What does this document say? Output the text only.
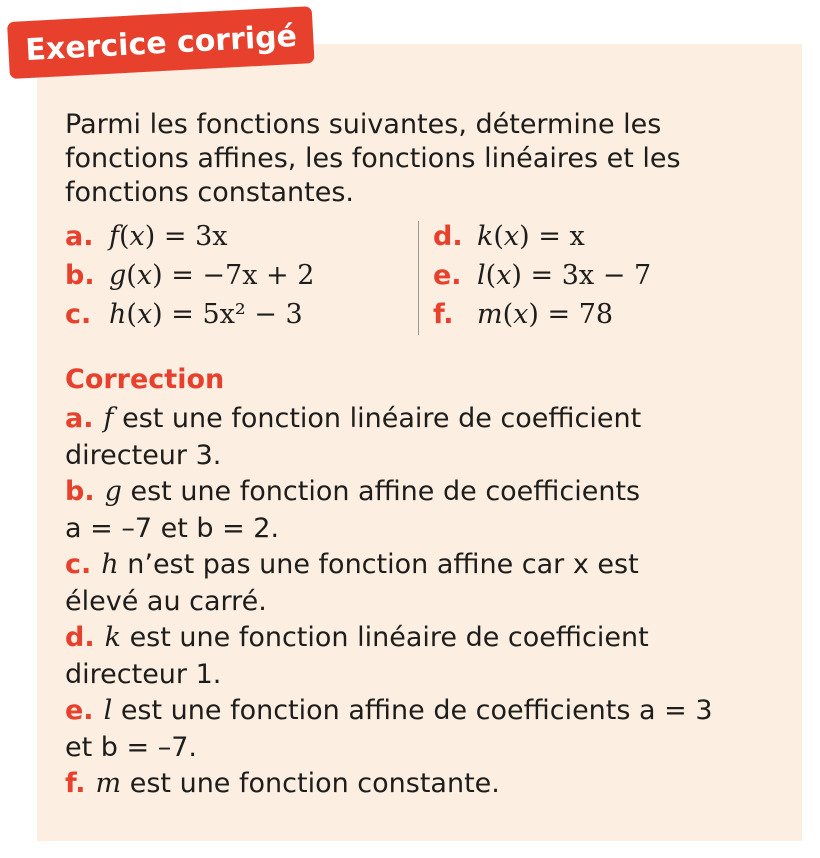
Exercice corrigé

Parmi les fonctions suivantes, détermine les

fonctions affines, les fonctions linéaires et les

fonctions constantes.

a. f(x) = 3x
b. g(x) = −7x + 2
c. h(x) = 5x² − 3
d. k(x) = x
e. l(x) = 3x − 7
f. m(x) = 78
Correction

a. f est une fonction linéaire de coefficient

directeur 3.

b. g est une fonction affine de coefficients

a = –7 et b = 2.

c. h n’est pas une fonction affine car x est

élevé au carré.

d. k est une fonction linéaire de coefficient

directeur 1.

e. l est une fonction affine de coefficients a = 3

et b = –7.

f. m est une fonction constante.
